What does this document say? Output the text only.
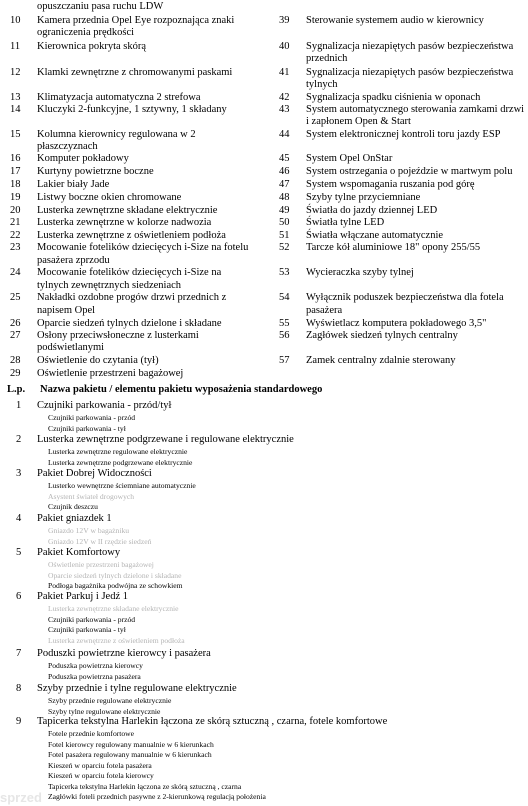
opuszczaniu pasa ruchu LDW
10 Kamera przednia Opel Eye rozpoznająca znaki
ograniczenia prędkości
11 Kierownica pokryta skórą
12 Klamki zewnętrzne z chromowanymi paskami
13 Klimatyzacja automatyczna 2 strefowa
14 Kluczyki 2-funkcyjne, 1 sztywny, 1 składany
15 Kolumna kierownicy regulowana w 2
płaszczyznach
16 Komputer pokładowy
17 Kurtyny powietrzne boczne
18 Lakier biały Jade
19 Listwy boczne okien chromowane
20 Lusterka zewnętrzne składane elektrycznie
21 Lusterka zewnętrzne w kolorze nadwozia
22 Lusterka zewnętrzne z oświetleniem podłoża
23 Mocowanie fotelików dziecięcych i-Size na fotelu
pasażera zprzodu
24 Mocowanie fotelików dziecięcych i-Size na
tylnych zewnętrznych siedzeniach
25 Nakładki ozdobne progów drzwi przednich z
napisem Opel
26 Oparcie siedzeń tylnych dzielone i składane
27 Osłony przeciwsłoneczne z lusterkami
podświetlanymi
28 Oświetlenie do czytania (tył)
29 Oświetlenie przestrzeni bagażowej
39 Sterowanie systemem audio w kierownicy
40 Sygnalizacja niezapiętych pasów bezpieczeństwa
przednich
41 Sygnalizacja niezapiętych pasów bezpieczeństwa
tylnych
42 Sygnalizacja spadku ciśnienia w oponach
43 System automatycznego sterowania zamkami drzwi
i zapłonem Open & Start
44 System elektronicznej kontroli toru jazdy ESP
45 System Opel OnStar
46 System ostrzegania o pojeździe w martwym polu
47 System wspomagania ruszania pod górę
48 Szyby tylne przyciemniane
49 Światła do jazdy dziennej LED
50 Światła tylne LED
51 Światła włączane automatycznie
52 Tarcze kół aluminiowe 18" opony 255/55
53 Wycieraczka szyby tylnej
54 Wyłącznik poduszek bezpieczeństwa dla fotela
pasażera
55 Wyświetlacz komputera pokładowego 3,5"
56 Zagłówek siedzeń tylnych centralny
57 Zamek centralny zdalnie sterowany
L.p. Nazwa pakietu / elementu pakietu wyposażenia standardowego
1 Czujniki parkowania - przód/tył
Czujniki parkowania - przód
Czujniki parkowania - tył
2 Lusterka zewnętrzne podgrzewane i regulowane elektrycznie
Lusterka zewnętrzne regulowane elektrycznie
Lusterka zewnętrzne podgrzewane elektrycznie
3 Pakiet Dobrej Widoczności
Lusterko wewnętrzne ściemniane automatycznie
Asystent świateł drogowych
Czujnik deszczu
4 Pakiet gniazdek 1
Gniazdo 12V w bagażniku
Gniazdo 12V w II rzędzie siedzeń
5 Pakiet Komfortowy
Oświetlenie przestrzeni bagażowej
Oparcie siedzeń tylnych dzielone i składane
Podłoga bagażnika podwójna ze schowkiem
6 Pakiet Parkuj i Jedź 1
Lusterka zewnętrzne składane elektrycznie
Czujniki parkowania - przód
Czujniki parkowania - tył
Lusterka zewnętrzne z oświetleniem podłoża
7 Poduszki powietrzne kierowcy i pasażera
Poduszka powietrzna kierowcy
Poduszka powietrzna pasażera
8 Szyby przednie i tylne regulowane elektrycznie
Szyby przednie regulowane elektrycznie
Szyby tylne regulowane elektrycznie
9 Tapicerka tekstylna Harlekin łączona ze skórą sztuczną , czarna, fotele komfortowe
Fotele przednie komfortowe
Fotel kierowcy regulowany manualnie w 6 kierunkach
Fotel pasażera regulowany manualnie w 6 kierunkach
Kieszeń w oparciu fotela pasażera
Kieszeń w oparciu fotela kierowcy
Tapicerka tekstylna Harlekin łączona ze skórą sztuczną , czarna
Zagłówki foteli przednich pasywne z 2-kierunkową regulacją położenia
sprzed
